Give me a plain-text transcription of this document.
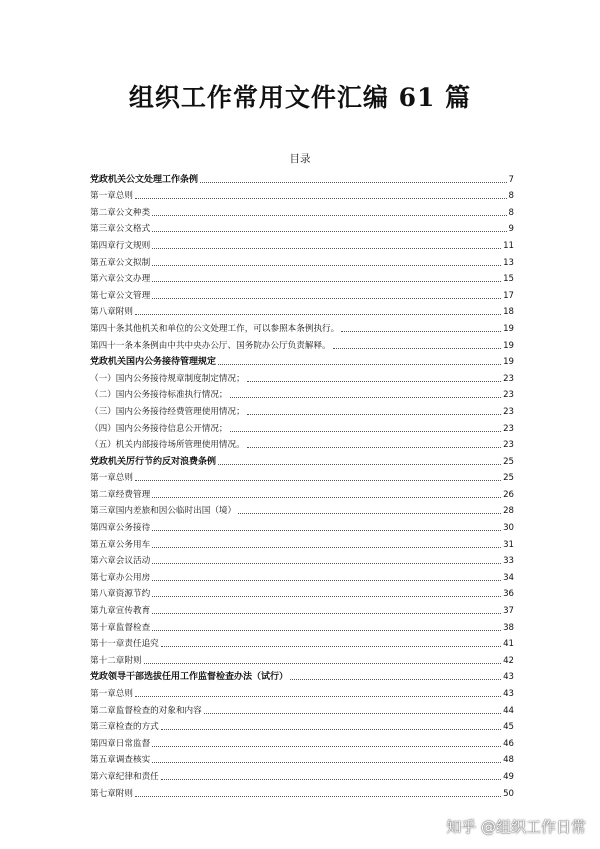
组织工作常用文件汇编 61 篇
目录
党政机关公文处理工作条例	7
第一章总则	8
第二章公文种类	8
第三章公文格式	9
第四章行文规则	11
第五章公文拟制	13
第六章公文办理	15
第七章公文管理	17
第八章附则	18
第四十条其他机关和单位的公文处理工作，可以参照本条例执行。	19
第四十一条本条例由中共中央办公厅、国务院办公厅负责解释。	19
党政机关国内公务接待管理规定	19
（一）国内公务接待规章制度制定情况；	23
（二）国内公务接待标准执行情况；	23
（三）国内公务接待经费管理使用情况；	23
（四）国内公务接待信息公开情况；	23
（五）机关内部接待场所管理使用情况。	23
党政机关厉行节约反对浪费条例	25
第一章总则	25
第二章经费管理	26
第三章国内差旅和因公临时出国（境）	28
第四章公务接待	30
第五章公务用车	31
第六章会议活动	33
第七章办公用房	34
第八章资源节约	36
第九章宣传教育	37
第十章监督检查	38
第十一章责任追究	41
第十二章附则	42
党政领导干部选拔任用工作监督检查办法（试行）	43
第一章总则	43
第二章监督检查的对象和内容	44
第三章检查的方式	45
第四章日常监督	46
第五章调查核实	48
第六章纪律和责任	49
第七章附则	50
知乎 @组织工作日常
